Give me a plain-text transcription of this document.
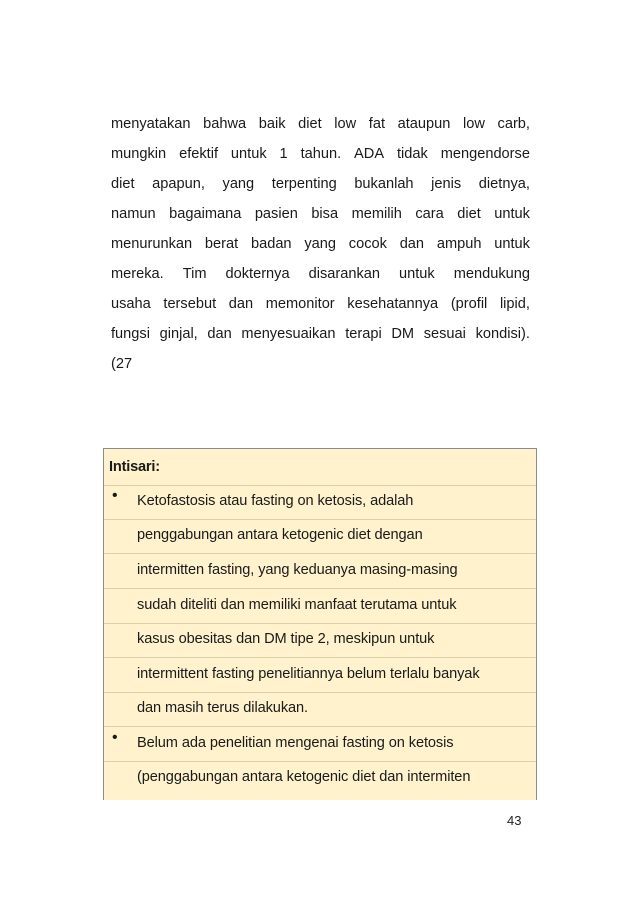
menyatakan bahwa baik diet low fat ataupun low carb,
mungkin efektif untuk 1 tahun. ADA tidak mengendorse
diet apapun, yang terpenting bukanlah jenis dietnya,
namun bagaimana pasien bisa memilih cara diet untuk
menurunkan berat badan yang cocok dan ampuh untuk
mereka. Tim dokternya disarankan untuk mendukung
usaha tersebut dan memonitor kesehatannya (profil lipid,
fungsi ginjal, dan menyesuaikan terapi DM sesuai kondisi).
(27
Intisari:
• Ketofastosis atau fasting on ketosis, adalah
penggabungan antara ketogenic diet dengan
intermitten fasting, yang keduanya masing-masing
sudah diteliti dan memiliki manfaat terutama untuk
kasus obesitas dan DM tipe 2, meskipun untuk
intermittent fasting penelitiannya belum terlalu banyak
dan masih terus dilakukan.
• Belum ada penelitian mengenai fasting on ketosis
(penggabungan antara ketogenic diet dan intermiten
43
